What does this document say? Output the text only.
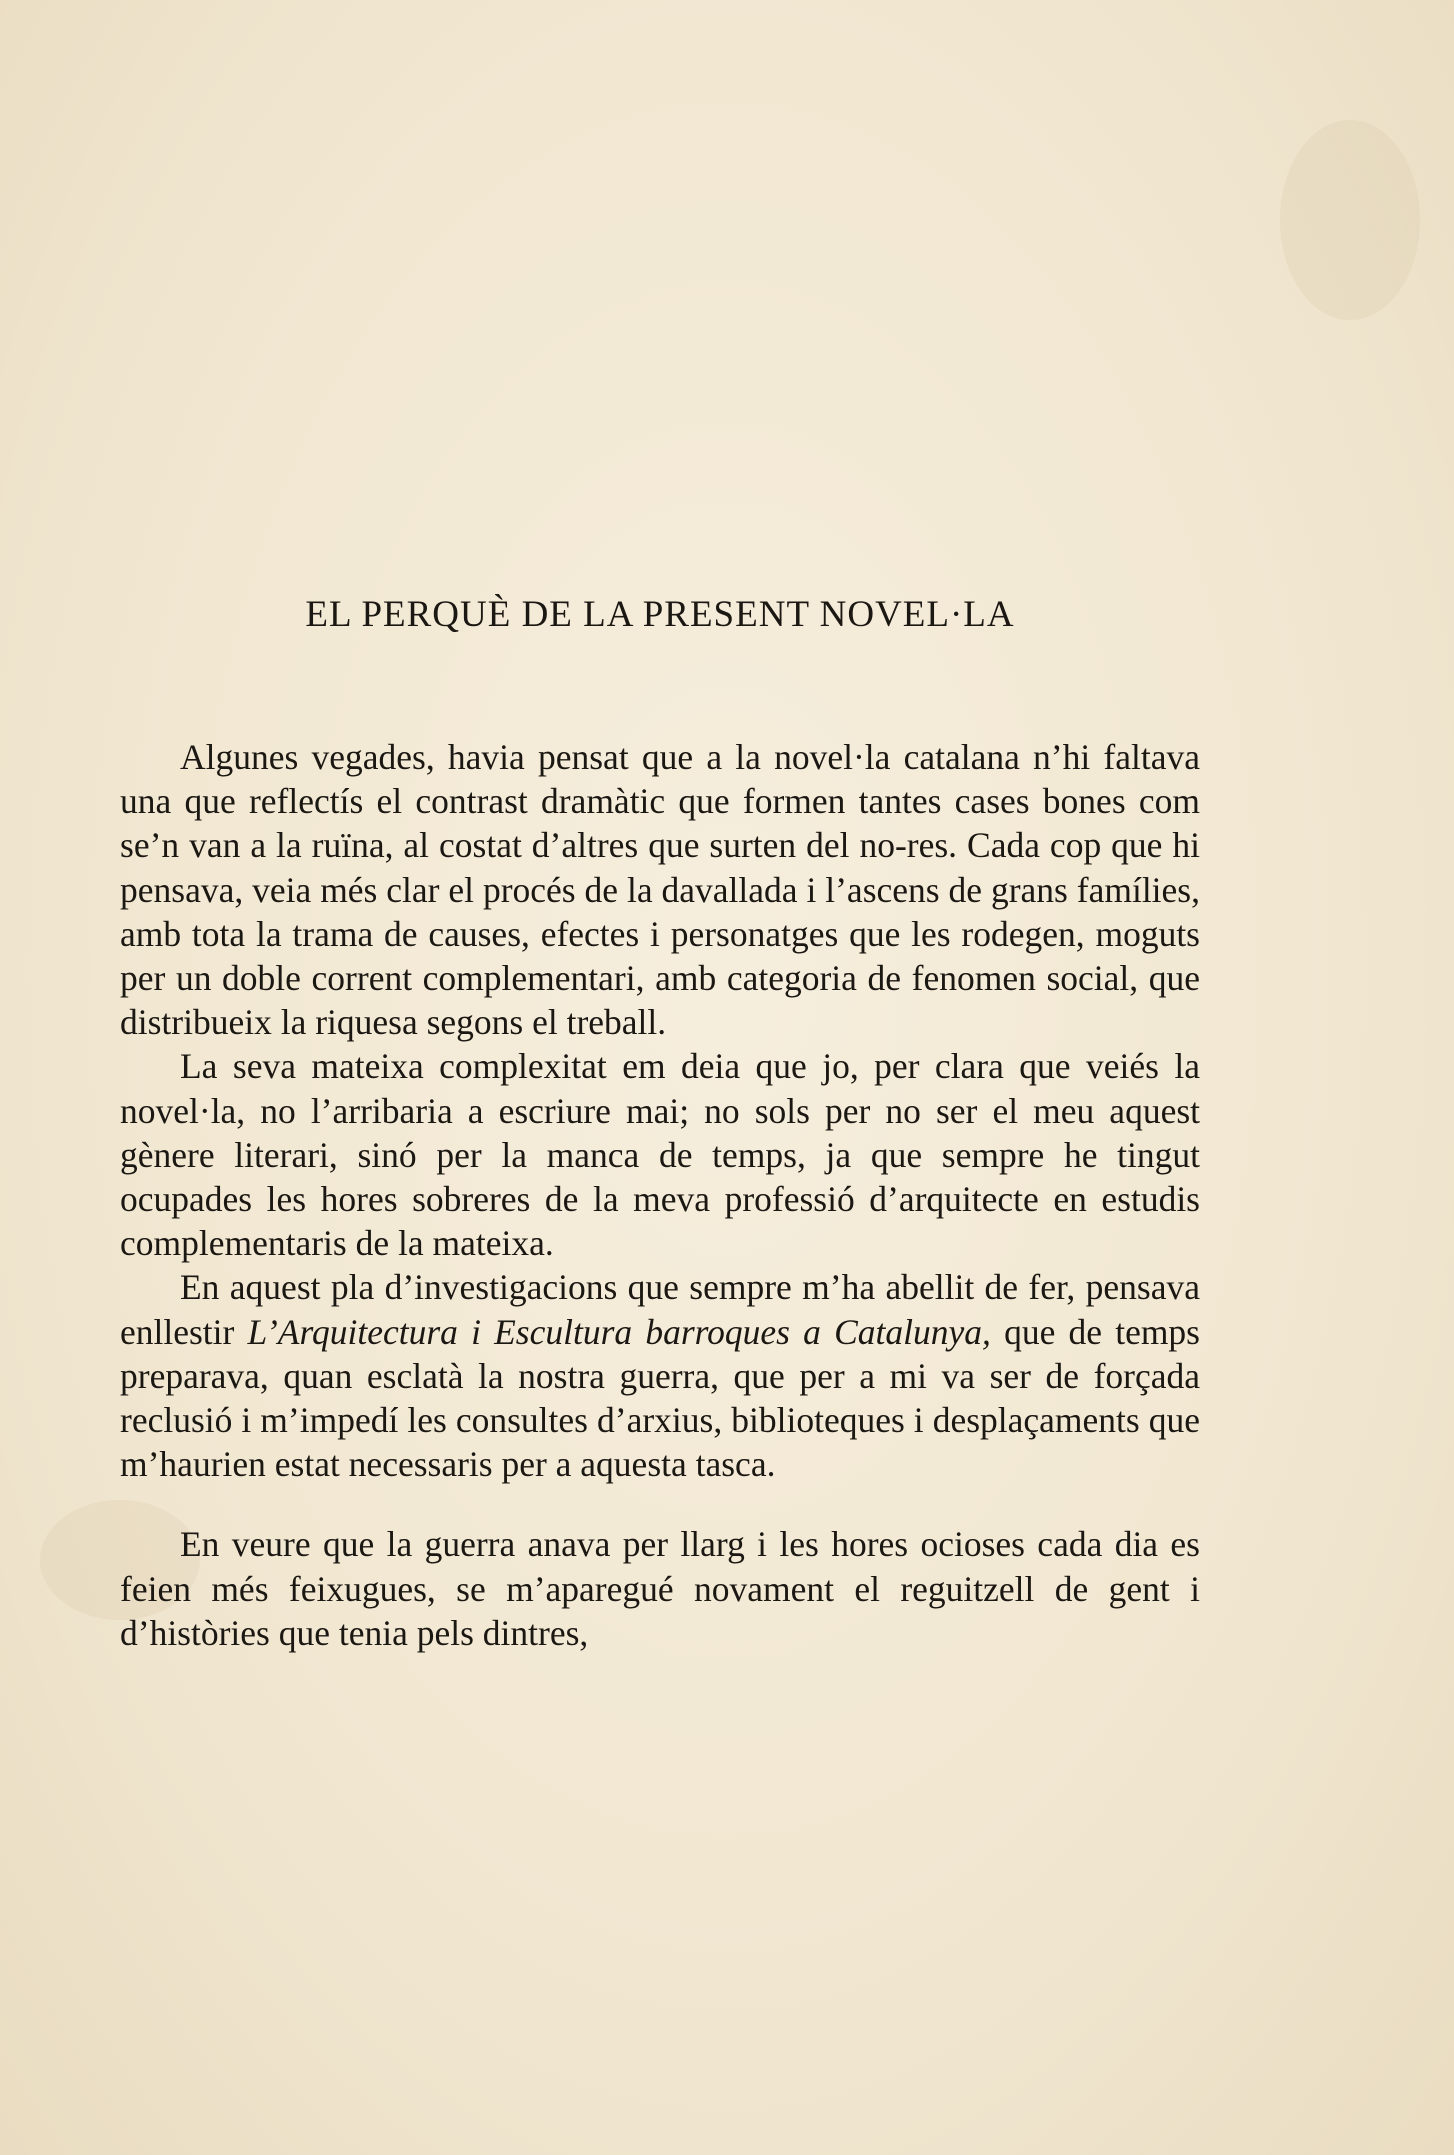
EL PERQUÈ DE LA PRESENT NOVEL·LA

Algunes vegades, havia pensat que a la novel·la catalana n’hi faltava una que reflectís el contrast dramàtic que formen tantes cases bones com se’n van a la ruïna, al costat d’altres que surten del no-res. Cada cop que hi pensava, veia més clar el procés de la davallada i l’ascens de grans famílies, amb tota la trama de causes, efectes i personatges que les rodegen, moguts per un doble corrent complementari, amb categoria de fenomen social, que distribueix la riquesa segons el treball.

La seva mateixa complexitat em deia que jo, per clara que veiés la novel·la, no l’arribaria a escriure mai; no sols per no ser el meu aquest gènere literari, sinó per la manca de temps, ja que sempre he tingut ocupades les hores sobreres de la meva professió d’arquitecte en estudis complementaris de la mateixa.

En aquest pla d’investigacions que sempre m’ha abellit de fer, pensava enllestir L’Arquitectura i Escultura barroques a Catalunya, que de temps preparava, quan esclatà la nostra guerra, que per a mi va ser de forçada reclusió i m’impedí les consultes d’arxius, biblioteques i desplaçaments que m’haurien estat necessaris per a aquesta tasca.

En veure que la guerra anava per llarg i les hores ocioses cada dia es feien més feixugues, se m’aparegué novament el reguitzell de gent i d’històries que tenia pels dintres,
